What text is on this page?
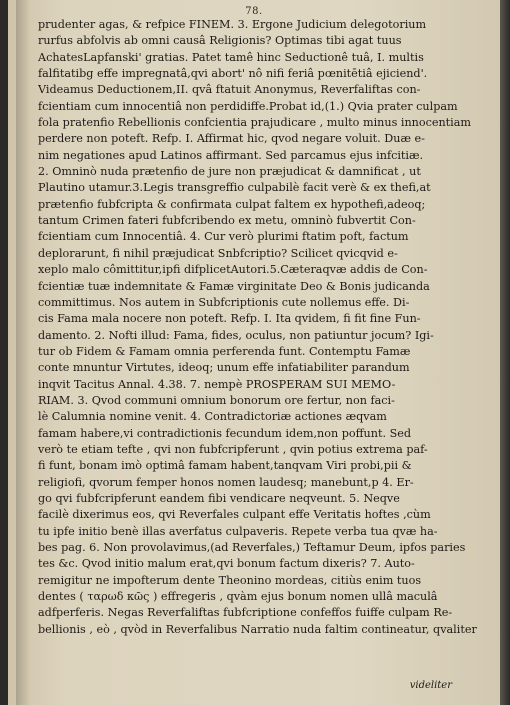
78.
prudenter agas, & refpice FINEM. 3. Ergone Judicium delegotorium
rurfus abfolvis ab omni causâ Religionis? Optimas tibi agat tuus
AchatesLapfanski' gratias. Patet tamê hinc Seductionê tuâ, I. multis
falfitatibg effe impregnatâ,qvi abort' nô nifi feriâ pœnitētiâ ejiciend'.
Videamus Deductionem,II. qvâ ftatuit Anonymus, Reverfaliftas con-
fcientiam cum innocentiâ non perdidiffe.Probat id,(1.) Qvia prater culpam
fola pratenfio Rebellionis confcientia prajudicare , multo minus innocentiam
perdere non poteft. Refp. I. Affirmat hic, qvod negare voluit. Duæ e-
nim negationes apud Latinos affirmant. Sed parcamus ejus infcitiæ.
2. Omninò nuda prætenfio de jure non præjudicat & damnificat , ut
Plautino utamur.3.Legis transgreffio culpabilè facit verè & ex thefi,at
prætenfio fubfcripta & confirmata culpat faltem ex hypothefi,adeoq;
tantum Crimen fateri fubfcribendo ex metu, omninò fubvertit Con-
fcientiam cum Innocentiâ. 4. Cur verò plurimi ftatim poft, factum
deplorarunt, fi nihil præjudicat Snbfcriptio? Scilicet qvicqvid e-
xeplo malo cômittitur,ipfi difplicetAutori.5.Cæteraqvæ addis de Con-
fcientiæ tuæ indemnitate & Famæ virginitate Deo & Bonis judicanda
committimus. Nos autem in Subfcriptionis cute nollemus effe. Di-
cis Fama mala nocere non poteft. Refp. I. Ita qvidem, fi fit fine Fun-
damento. 2. Nofti illud: Fama, fides, oculus, non patiuntur jocum? Igi-
tur ob Fidem & Famam omnia perferenda funt. Contemptu Famæ
conte mnuntur Virtutes, ideoq; unum effe infatiabiliter parandum
inqvit Tacitus Annal. 4.38. 7. nempè PROSPERAM SUI MEMO-
RIAM. 3. Qvod communi omnium bonorum ore fertur, non faci-
lè Calumnia nomine venit. 4. Contradictoriæ actiones æqvam
famam habere,vi contradictionis fecundum idem,non poffunt. Sed
verò te etiam tefte , qvi non fubfcripferunt , qvin potius extrema paf-
fi funt, bonam imò optimâ famam habent,tanqvam Viri probi,pii &
religiofi, qvorum femper honos nomen laudesq; manebunt,p 4. Er-
go qvi fubfcripferunt eandem fibi vendicare neqveunt. 5. Neqve
facilè dixerimus eos, qvi Reverfales culpant effe Veritatis hoftes ,cùm
tu ipfe initio benè illas averfatus culpaveris. Repete verba tua qvæ ha-
bes pag. 6. Non provolavimus,(ad Reverfales,) Teftamur Deum, ipfos paries
tes &c. Qvod initio malum erat,qvi bonum factum dixeris? 7. Auto-
remigitur ne impofterum dente Theonino mordeas, citiùs enim tuos
dentes ( ταρωδ κῶς ) effregeris , qvàm ejus bonum nomen ullâ maculâ
adfperferis. Negas Reverfaliftas fubfcriptione confeffos fuiffe culpam Re-
bellionis , eò , qvòd in Reverfalibus Narratio nuda faltim contineatur, qvaliter
videliter
